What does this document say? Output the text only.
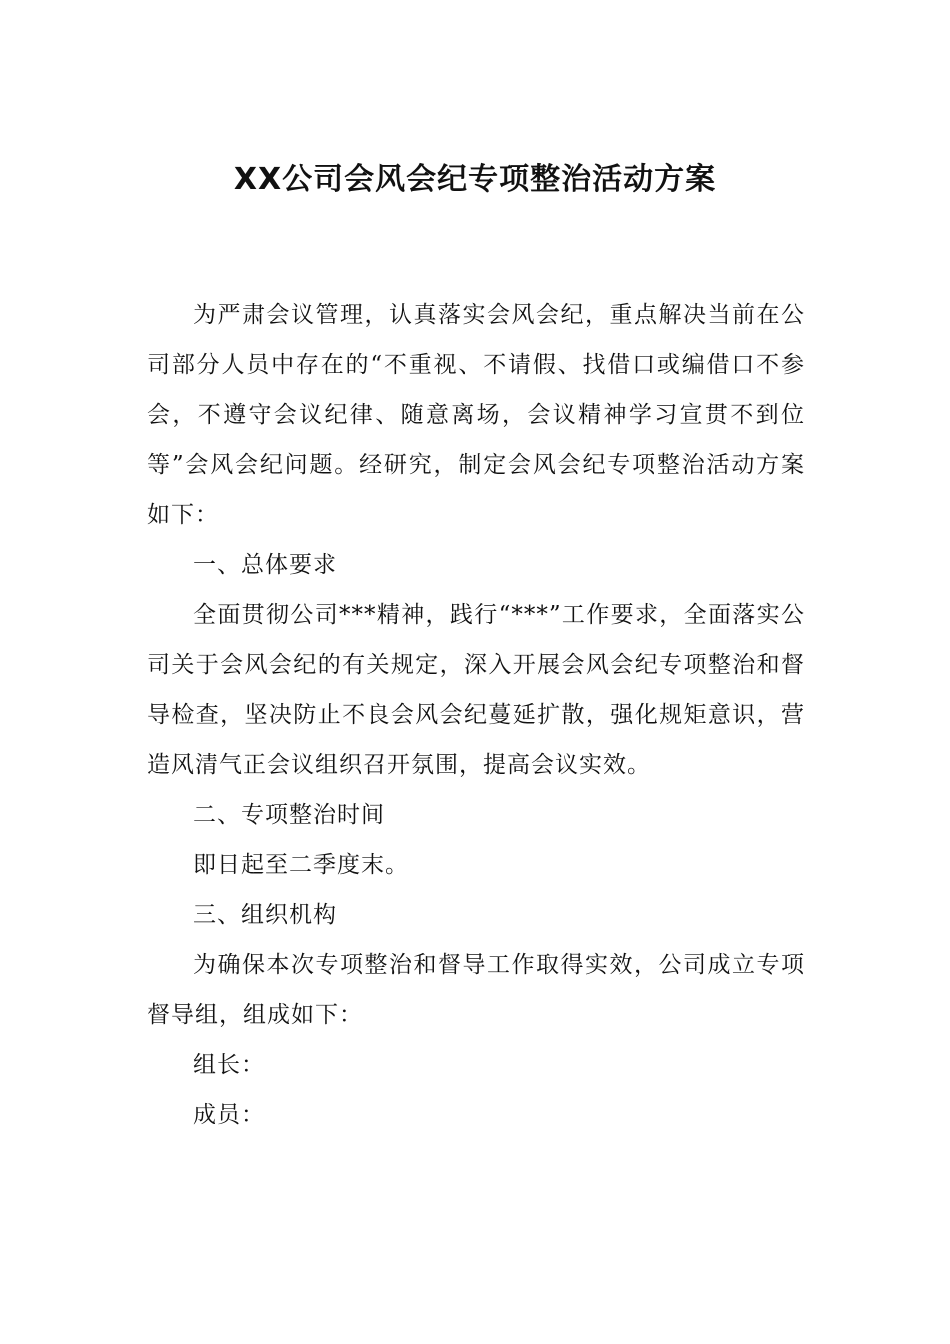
XX公司会风会纪专项整治活动方案

为严肃会议管理，认真落实会风会纪，重点解决当前在公司部分人员中存在的“不重视、不请假、找借口或编借口不参会，不遵守会议纪律、随意离场，会议精神学习宣贯不到位等”会风会纪问题。经研究，制定会风会纪专项整治活动方案如下：

一、总体要求

全面贯彻公司***精神，践行“***”工作要求，全面落实公司关于会风会纪的有关规定，深入开展会风会纪专项整治和督导检查，坚决防止不良会风会纪蔓延扩散，强化规矩意识，营造风清气正会议组织召开氛围，提高会议实效。

二、专项整治时间

即日起至二季度末。

三、组织机构

为确保本次专项整治和督导工作取得实效，公司成立专项督导组，组成如下：

组长：

成员：
